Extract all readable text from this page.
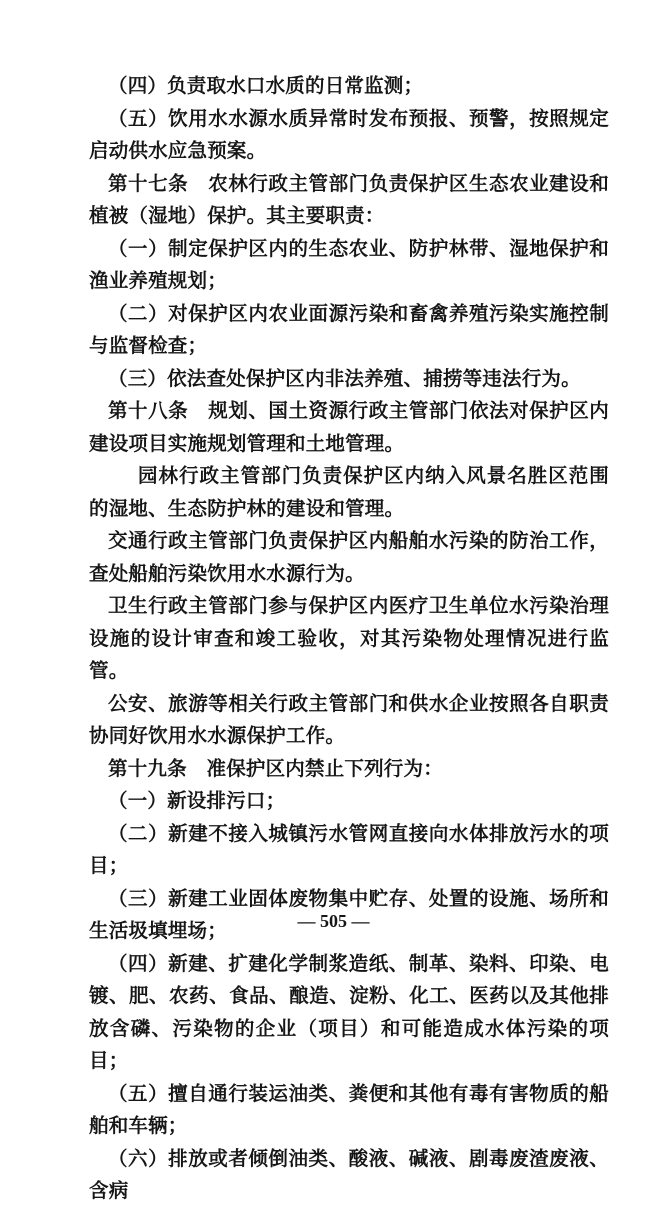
（四）负责取水口水质的日常监测；

（五）饮用水水源水质异常时发布预报、预警，按照规定启动供水应急预案。

第十七条　农林行政主管部门负责保护区生态农业建设和植被（湿地）保护。其主要职责：

（一）制定保护区内的生态农业、防护林带、湿地保护和渔业养殖规划；

（二）对保护区内农业面源污染和畜禽养殖污染实施控制与监督检查；

（三）依法查处保护区内非法养殖、捕捞等违法行为。

第十八条　规划、国土资源行政主管部门依法对保护区内建设项目实施规划管理和土地管理。

园林行政主管部门负责保护区内纳入风景名胜区范围的湿地、生态防护林的建设和管理。

交通行政主管部门负责保护区内船舶水污染的防治工作，查处船舶污染饮用水水源行为。

卫生行政主管部门参与保护区内医疗卫生单位水污染治理设施的设计审查和竣工验收，对其污染物处理情况进行监管。

公安、旅游等相关行政主管部门和供水企业按照各自职责协同好饮用水水源保护工作。

第十九条　准保护区内禁止下列行为：

（一）新设排污口；

（二）新建不接入城镇污水管网直接向水体排放污水的项目；

（三）新建工业固体废物集中贮存、处置的设施、场所和生活圾填埋场；

（四）新建、扩建化学制浆造纸、制革、染料、印染、电镀、肥、农药、食品、酿造、淀粉、化工、医药以及其他排放含磷、污染物的企业（项目）和可能造成水体污染的项目；

（五）擅自通行装运油类、粪便和其他有毒有害物质的船舶和车辆；

（六）排放或者倾倒油类、酸液、碱液、剧毒废渣废液、含病

— 505 —
